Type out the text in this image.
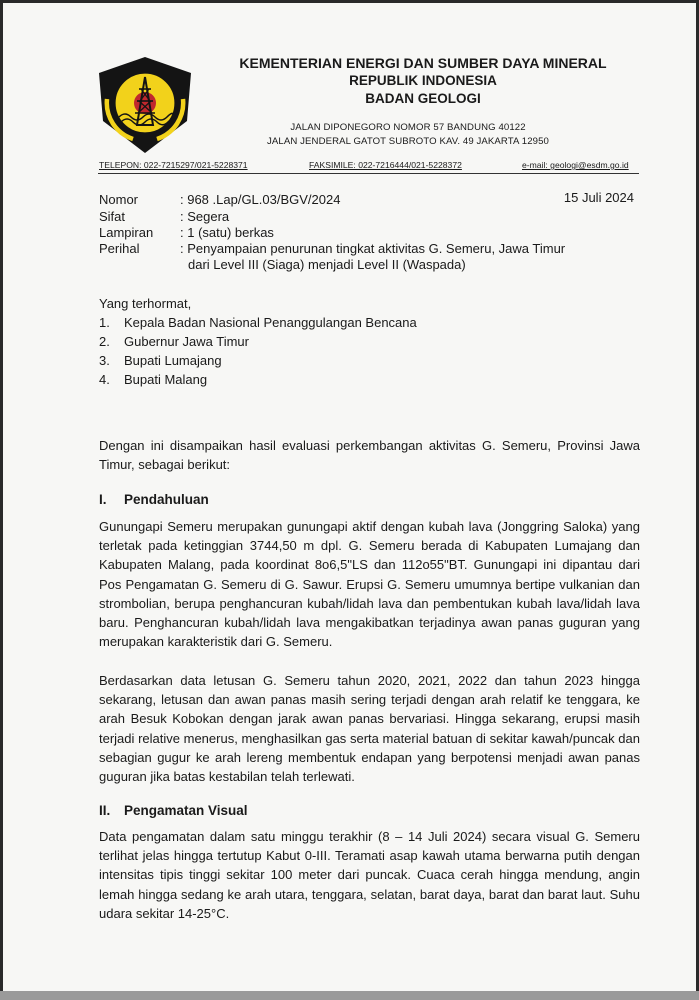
KEMENTERIAN ENERGI DAN SUMBER DAYA MINERAL
REPUBLIK INDONESIA
BADAN GEOLOGI
JALAN DIPONEGORO NOMOR 57 BANDUNG 40122
JALAN JENDERAL GATOT SUBROTO KAV. 49 JAKARTA 12950
TELEPON: 022-7215297/021-5228371	FAKSIMILE: 022-7216444/021-5228372	e-mail: geologi@esdm.go.id
Nomor	: 968 .Lap/GL.03/BGV/2024	15 Juli 2024
Sifat	: Segera
Lampiran : 1 (satu) berkas
Perihal	: Penyampaian penurunan tingkat aktivitas G. Semeru, Jawa Timur
dari Level III (Siaga) menjadi Level II (Waspada)
Yang terhormat,
1. Kepala Badan Nasional Penanggulangan Bencana
2. Gubernur Jawa Timur
3. Bupati Lumajang
4. Bupati Malang
Dengan ini disampaikan hasil evaluasi perkembangan aktivitas G. Semeru, Provinsi Jawa Timur, sebagai berikut:
I. Pendahuluan
Gunungapi Semeru merupakan gunungapi aktif dengan kubah lava (Jonggring Saloka) yang terletak pada ketinggian 3744,50 m dpl. G. Semeru berada di Kabupaten Lumajang dan Kabupaten Malang, pada koordinat 8o6,5"LS dan 112o55"BT. Gunungapi ini dipantau dari Pos Pengamatan G. Semeru di G. Sawur. Erupsi G. Semeru umumnya bertipe vulkanian dan strombolian, berupa penghancuran kubah/lidah lava dan pembentukan kubah lava/lidah lava baru. Penghancuran kubah/lidah lava mengakibatkan terjadinya awan panas guguran yang merupakan karakteristik dari G. Semeru.
Berdasarkan data letusan G. Semeru tahun 2020, 2021, 2022 dan tahun 2023 hingga sekarang, letusan dan awan panas masih sering terjadi dengan arah relatif ke tenggara, ke arah Besuk Kobokan dengan jarak awan panas bervariasi. Hingga sekarang, erupsi masih terjadi relative menerus, menghasilkan gas serta material batuan di sekitar kawah/puncak dan sebagian gugur ke arah lereng membentuk endapan yang berpotensi menjadi awan panas guguran jika batas kestabilan telah terlewati.
II. Pengamatan Visual
Data pengamatan dalam satu minggu terakhir (8 – 14 Juli 2024) secara visual G. Semeru terlihat jelas hingga tertutup Kabut 0-III. Teramati asap kawah utama berwarna putih dengan intensitas tipis tinggi sekitar 100 meter dari puncak. Cuaca cerah hingga mendung, angin lemah hingga sedang ke arah utara, tenggara, selatan, barat daya, barat dan barat laut. Suhu udara sekitar 14-25°C.
